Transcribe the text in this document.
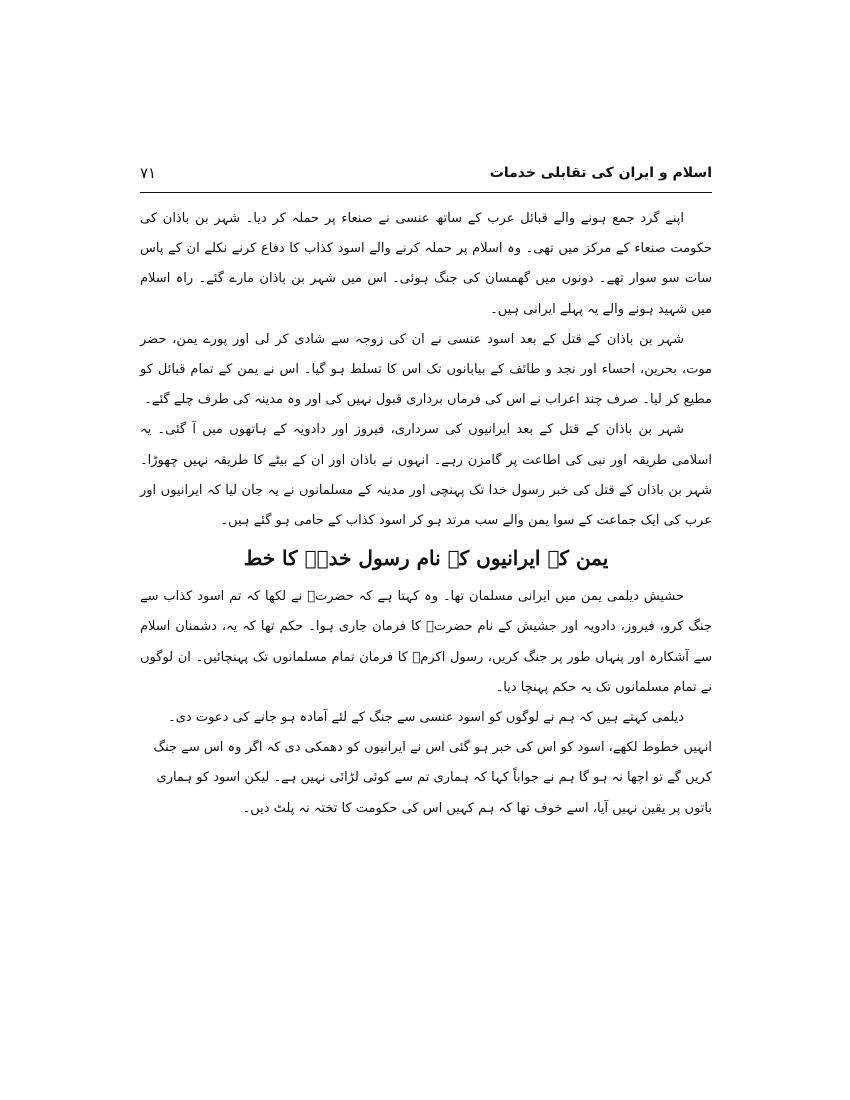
اسلام و ایران کی تقابلی خدمات
۷۱

اپنے گرد جمع ہونے والے قبائل عرب کے ساتھ عنسی نے صنعاء پر حملہ کر دیا۔ شہر بن باذان کی حکومت صنعاء کے مرکز میں تھی۔ وہ اسلام پر حملہ کرنے والے اسود کذاب کا دفاع کرنے نکلے ان کے پاس سات سو سوار تھے۔ دونوں میں گھمسان کی جنگ ہوئی۔ اس میں شہر بن باذان مارے گئے۔ راہ اسلام میں شہید ہونے والے یہ پہلے ایرانی ہیں۔

شہر بن باذان کے قتل کے بعد اسود عنسی نے ان کی زوجہ سے شادی کر لی اور پورے یمن، حضر موت، بحرین، احساء اور نجد و طائف کے بیابانوں تک اس کا تسلط ہو گیا۔ اس نے یمن کے تمام قبائل کو مطیع کر لیا۔ صرف چند اعراب نے اس کی فرماں برداری قبول نہیں کی اور وہ مدینہ کی طرف چلے گئے۔

شہر بن باذان کے قتل کے بعد ایرانیوں کی سرداری، فیروز اور دادویہ کے ہاتھوں میں آ گئی۔ یہ اسلامی طریقہ اور نبی کی اطاعت پر گامزن رہے۔ انہوں نے باذان اور ان کے بیٹے کا طریقہ نہیں چھوڑا۔ شہر بن باذان کے قتل کی خبر رسول خدا تک پہنچی اور مدینہ کے مسلمانوں نے یہ جان لیا کہ ایرانیوں اور عرب کی ایک جماعت کے سوا یمن والے سب مرتد ہو کر اسود کذاب کے حامی ہو گئے ہیں۔

یمن کے ایرانیوں کے نام رسول خداؐ کا خط

حشیش دیلمی یمن میں ایرانی مسلمان تھا۔ وہ کہتا ہے کہ حضرتؐ نے لکھا کہ تم اسود کذاب سے جنگ کرو، فیروز، دادویہ اور جشیش کے نام حضرتؐ کا فرمان جاری ہوا۔ حکم تھا کہ یہ، دشمنان اسلام سے آشکارہ اور پنہاں طور پر جنگ کریں، رسول اکرمؐ کا فرمان تمام مسلمانوں تک پہنچائیں۔ ان لوگوں نے تمام مسلمانوں تک یہ حکم پہنچا دیا۔

دیلمی کہتے ہیں کہ ہم نے لوگوں کو اسود عنسی سے جنگ کے لئے آمادہ ہو جانے کی دعوت دی۔ انہیں خطوط لکھے، اسود کو اس کی خبر ہو گئی اس نے ایرانیوں کو دھمکی دی کہ اگر وہ اس سے جنگ کریں گے تو اچھا نہ ہو گا ہم نے جواباً کہا کہ ہماری تم سے کوئی لڑائی نہیں ہے۔ لیکن اسود کو ہماری باتوں پر یقین نہیں آیا، اسے خوف تھا کہ ہم کہیں اس کی حکومت کا تختہ نہ پلٹ دیں۔
